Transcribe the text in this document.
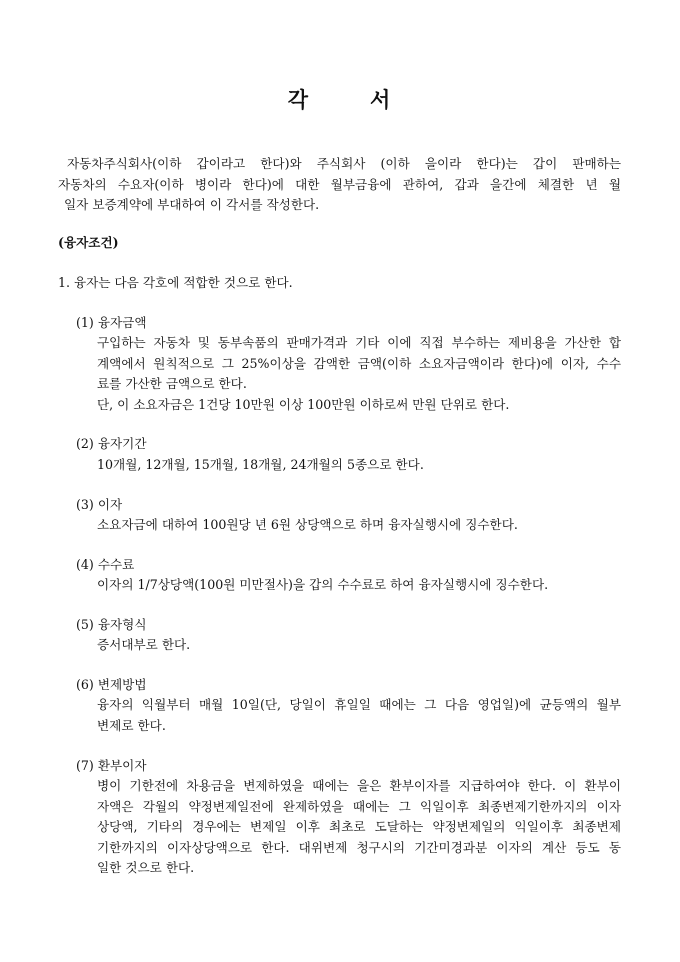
각	서
자동차주식회사(이하 갑이라고 한다)와 주식회사 (이하 을이라 한다)는 갑이 판매하는
자동차의 수요자(이하 병이라 한다)에 대한 월부금융에 관하여, 갑과 을간에 체결한 년 월
일자 보증계약에 부대하여 이 각서를 작성한다.
(융자조건)
1. 융자는 다음 각호에 적합한 것으로 한다.
(1) 융자금액
구입하는 자동차 및 동부속품의 판매가격과 기타 이에 직접 부수하는 제비용을 가산한 합
계액에서 원칙적으로 그 25%이상을 감액한 금액(이하 소요자금액이라 한다)에 이자, 수수
료를 가산한 금액으로 한다.
단, 이 소요자금은 1건당 10만원 이상 100만원 이하로써 만원 단위로 한다.
(2) 융자기간
10개월, 12개월, 15개월, 18개월, 24개월의 5종으로 한다.
(3) 이자
소요자금에 대하여 100원당 년 6원 상당액으로 하며 융자실행시에 징수한다.
(4) 수수료
이자의 1/7상당액(100원 미만절사)을 갑의 수수료로 하여 융자실행시에 징수한다.
(5) 융자형식
증서대부로 한다.
(6) 변제방법
융자의 익월부터 매월 10일(단, 당일이 휴일일 때에는 그 다음 영업일)에 균등액의 월부
변제로 한다.
(7) 환부이자
병이 기한전에 차용금을 변제하였을 때에는 을은 환부이자를 지급하여야 한다. 이 환부이
자액은 각월의 약정변제일전에 완제하였을 때에는 그 익일이후 최종변제기한까지의 이자
상당액, 기타의 경우에는 변제일 이후 최초로 도달하는 약정변제일의 익일이후 최종변제
기한까지의 이자상당액으로 한다. 대위변제 청구시의 기간미경과분 이자의 계산 등도 동
일한 것으로 한다.
